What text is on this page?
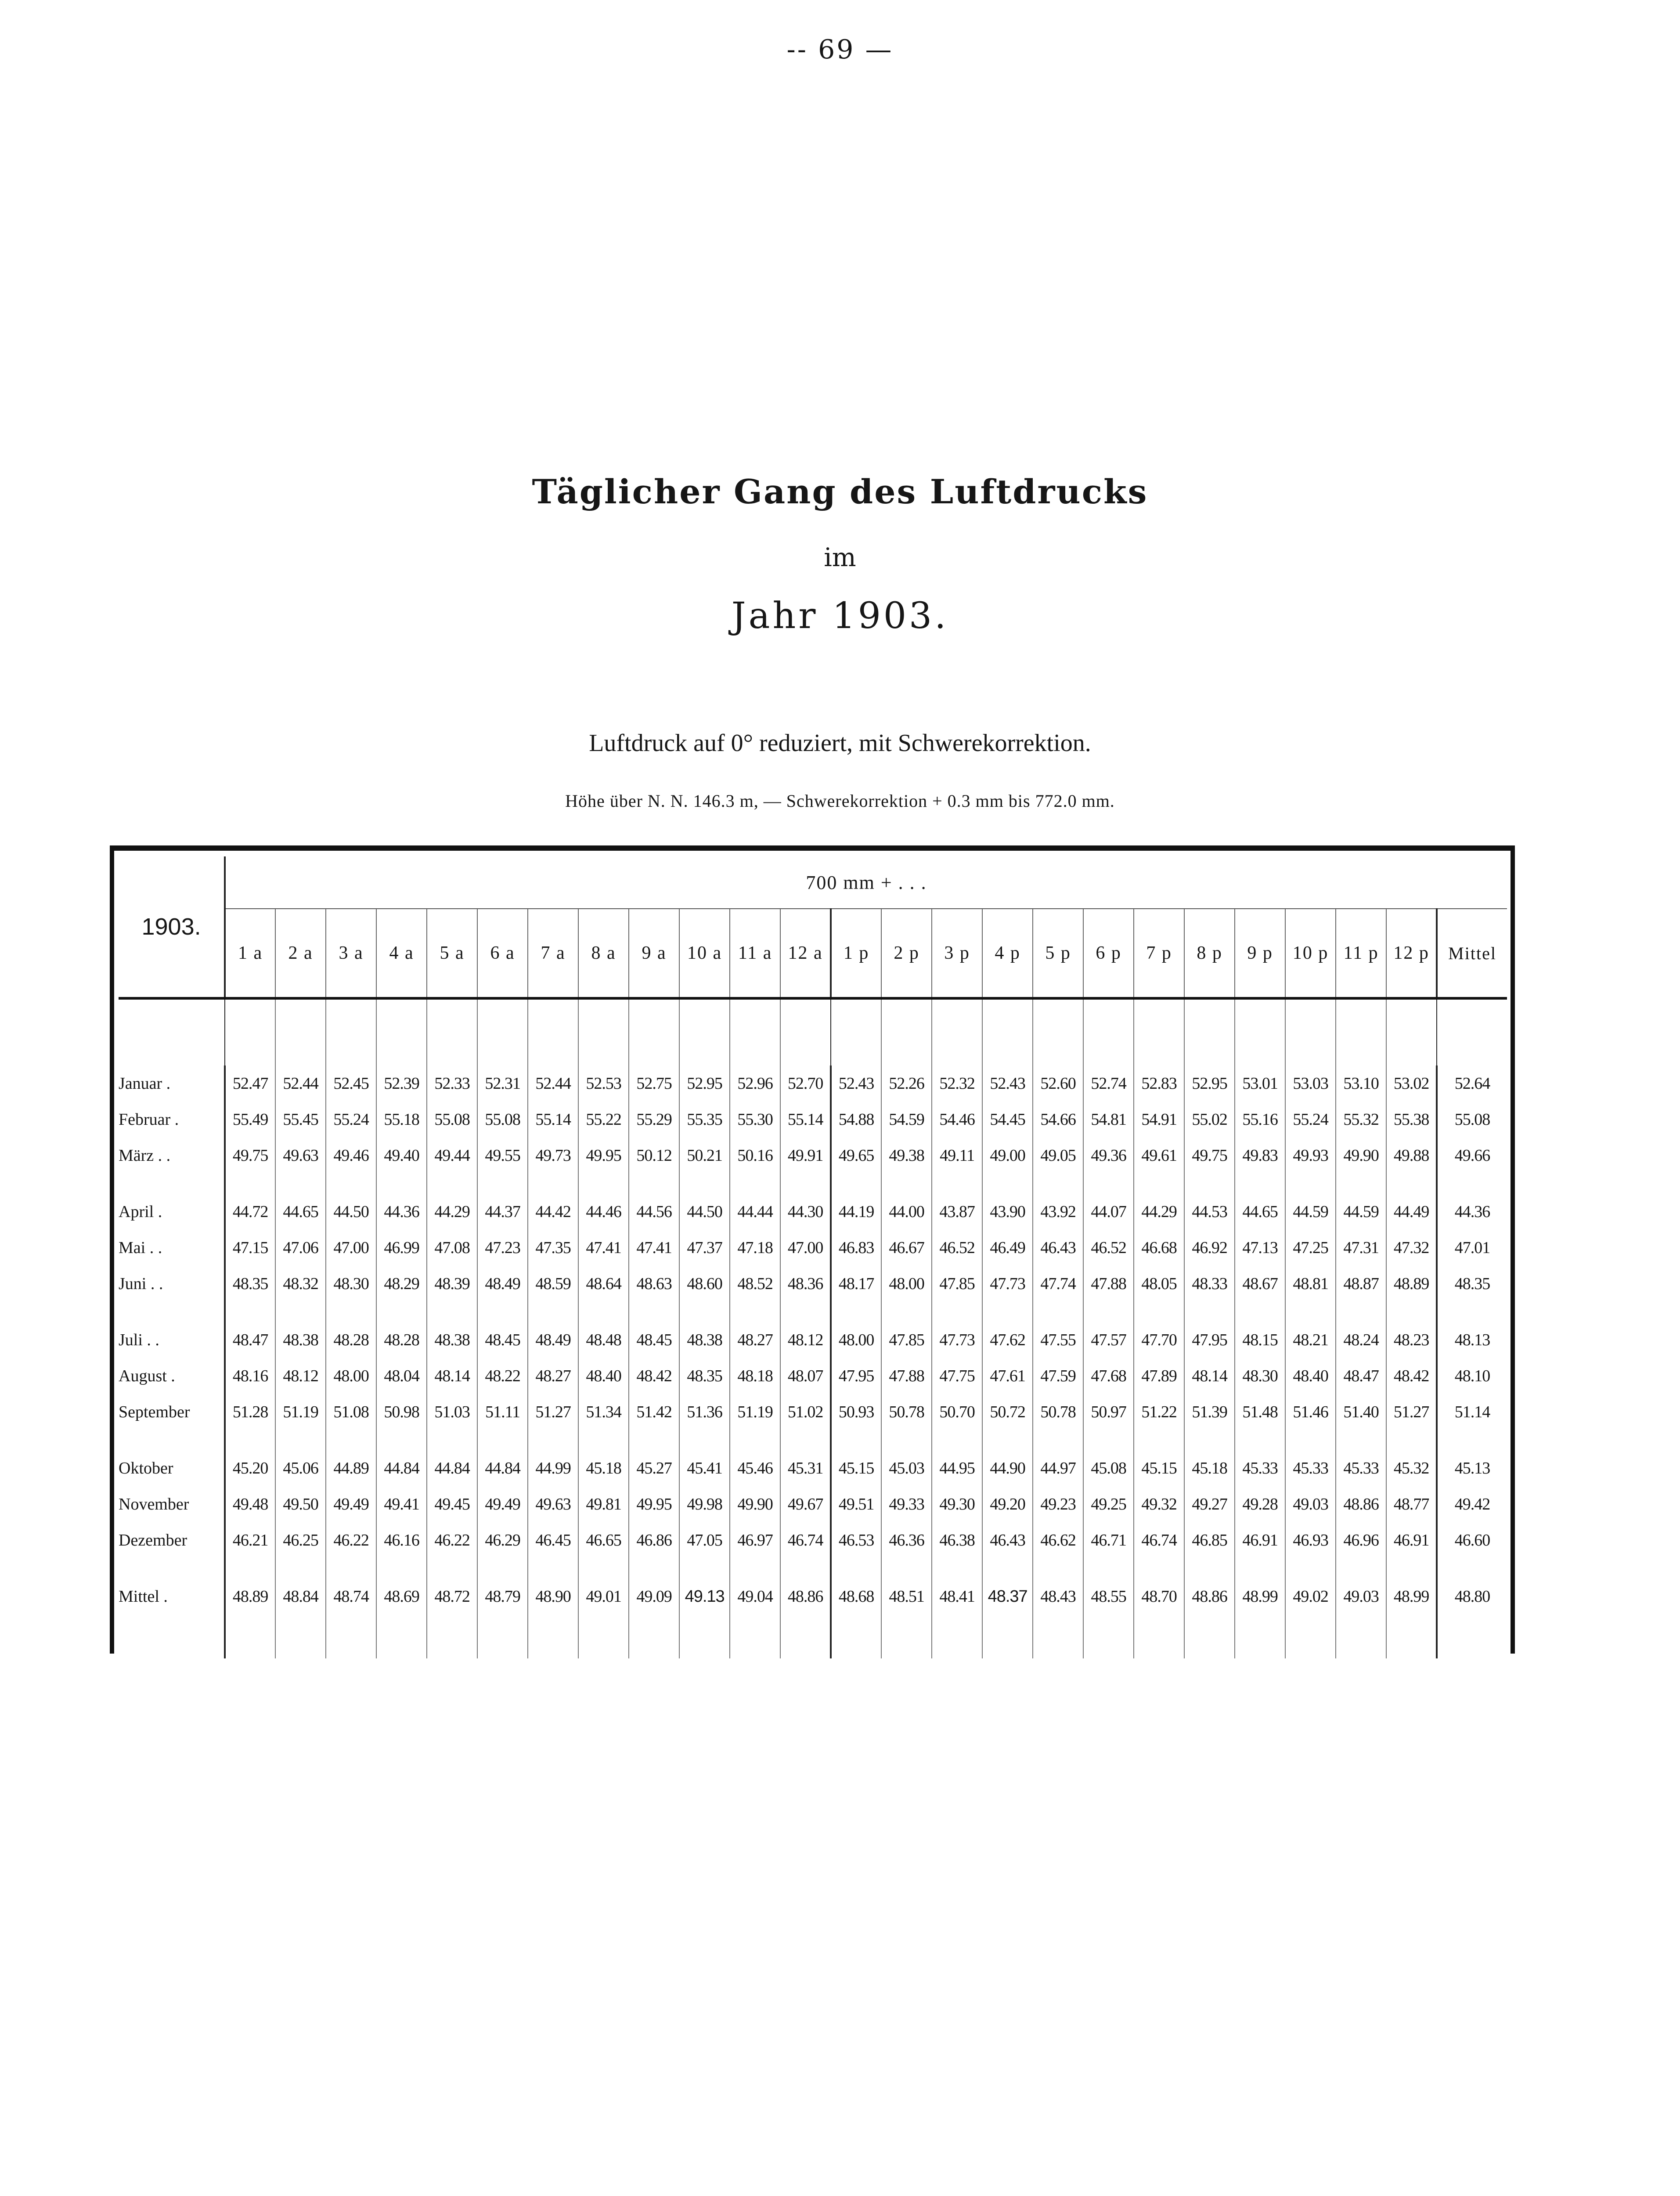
-- 69 —
Täglicher Gang des Luftdrucks
im
Jahr 1903.
Luftdruck auf 0° reduziert, mit Schwerekorrektion.
Höhe über N. N. 146.3 m, — Schwerekorrektion + 0.3 mm bis 772.0 mm.
1903.	700 mm + . . .																								
	1 a	2 a	3 a	4 a	5 a	6 a	7 a	8 a	9 a	10 a	11 a	12 a	1 p	2 p	3 p	4 p	5 p	6 p	7 p	8 p	9 p	10 p	11 p	12 p	Mittel

Januar .	52.47	52.44	52.45	52.39	52.33	52.31	52.44	52.53	52.75	52.95	52.96	52.70	52.43	52.26	52.32	52.43	52.60	52.74	52.83	52.95	53.01	53.03	53.10	53.02	52.64
Februar .	55.49	55.45	55.24	55.18	55.08	55.08	55.14	55.22	55.29	55.35	55.30	55.14	54.88	54.59	54.46	54.45	54.66	54.81	54.91	55.02	55.16	55.24	55.32	55.38	55.08
März . .	49.75	49.63	49.46	49.40	49.44	49.55	49.73	49.95	50.12	50.21	50.16	49.91	49.65	49.38	49.11	49.00	49.05	49.36	49.61	49.75	49.83	49.93	49.90	49.88	49.66

April .	44.72	44.65	44.50	44.36	44.29	44.37	44.42	44.46	44.56	44.50	44.44	44.30	44.19	44.00	43.87	43.90	43.92	44.07	44.29	44.53	44.65	44.59	44.59	44.49	44.36
Mai . .	47.15	47.06	47.00	46.99	47.08	47.23	47.35	47.41	47.41	47.37	47.18	47.00	46.83	46.67	46.52	46.49	46.43	46.52	46.68	46.92	47.13	47.25	47.31	47.32	47.01
Juni . .	48.35	48.32	48.30	48.29	48.39	48.49	48.59	48.64	48.63	48.60	48.52	48.36	48.17	48.00	47.85	47.73	47.74	47.88	48.05	48.33	48.67	48.81	48.87	48.89	48.35

Juli . .	48.47	48.38	48.28	48.28	48.38	48.45	48.49	48.48	48.45	48.38	48.27	48.12	48.00	47.85	47.73	47.62	47.55	47.57	47.70	47.95	48.15	48.21	48.24	48.23	48.13
August .	48.16	48.12	48.00	48.04	48.14	48.22	48.27	48.40	48.42	48.35	48.18	48.07	47.95	47.88	47.75	47.61	47.59	47.68	47.89	48.14	48.30	48.40	48.47	48.42	48.10
September	51.28	51.19	51.08	50.98	51.03	51.11	51.27	51.34	51.42	51.36	51.19	51.02	50.93	50.78	50.70	50.72	50.78	50.97	51.22	51.39	51.48	51.46	51.40	51.27	51.14

Oktober	45.20	45.06	44.89	44.84	44.84	44.84	44.99	45.18	45.27	45.41	45.46	45.31	45.15	45.03	44.95	44.90	44.97	45.08	45.15	45.18	45.33	45.33	45.33	45.32	45.13
November	49.48	49.50	49.49	49.41	49.45	49.49	49.63	49.81	49.95	49.98	49.90	49.67	49.51	49.33	49.30	49.20	49.23	49.25	49.32	49.27	49.28	49.03	48.86	48.77	49.42
Dezember	46.21	46.25	46.22	46.16	46.22	46.29	46.45	46.65	46.86	47.05	46.97	46.74	46.53	46.36	46.38	46.43	46.62	46.71	46.74	46.85	46.91	46.93	46.96	46.91	46.60

Mittel .	48.89	48.84	48.74	48.69	48.72	48.79	48.90	49.01	49.09	49.13	49.04	48.86	48.68	48.51	48.41	48.37	48.43	48.55	48.70	48.86	48.99	49.02	49.03	48.99	48.80
